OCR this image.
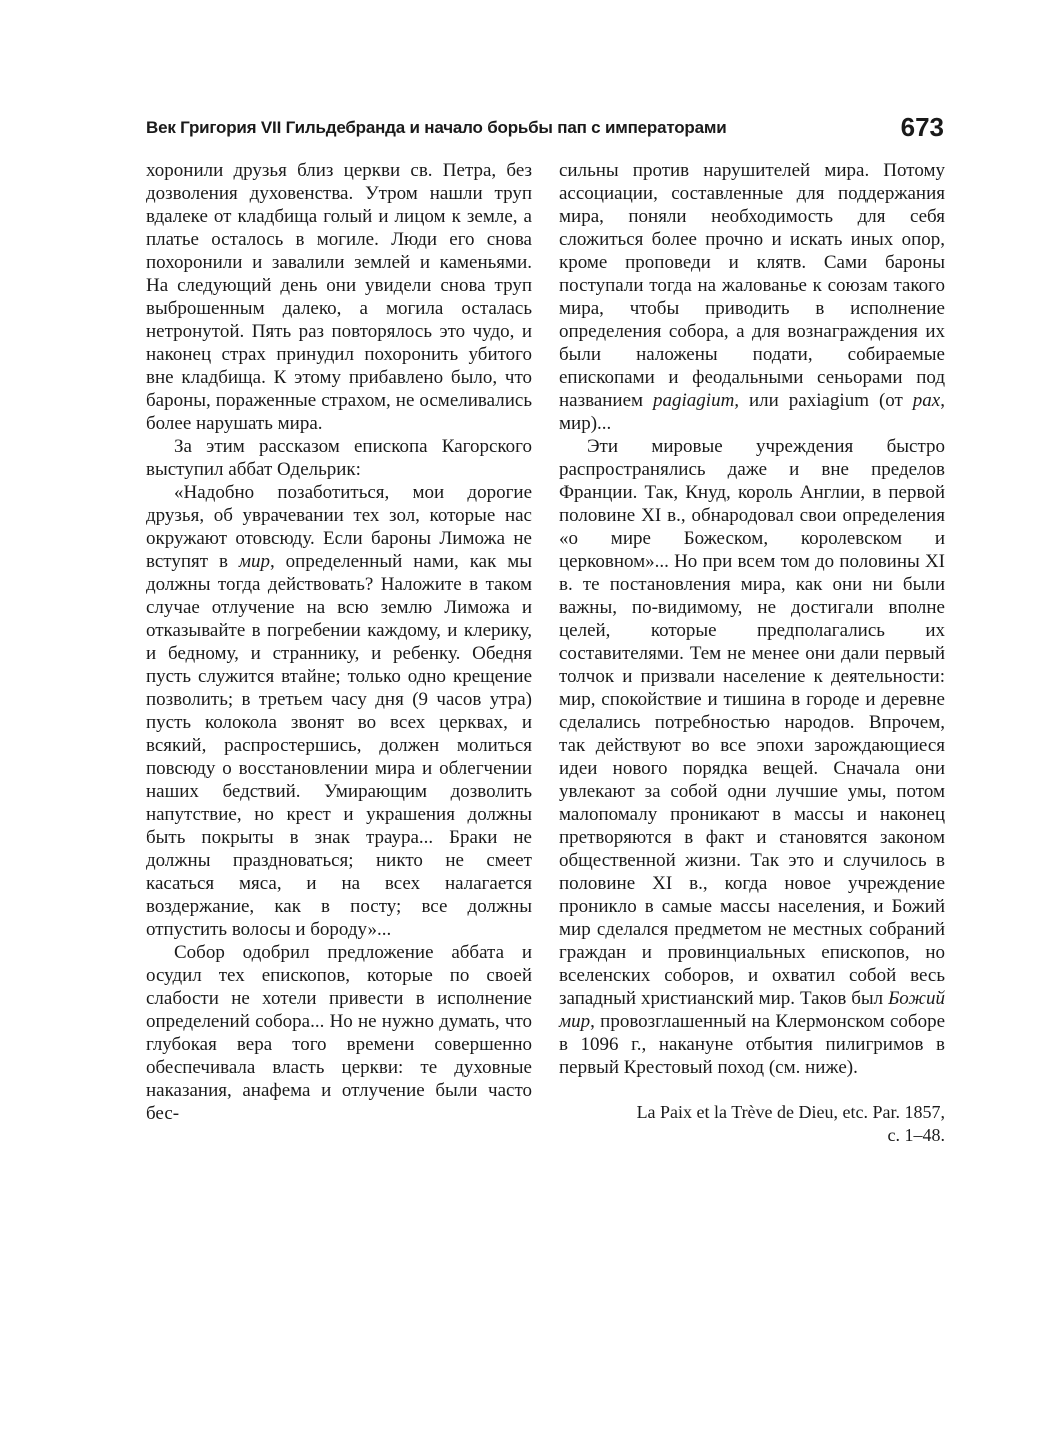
Век Григория VII Гильдебранда и начало борьбы пап с императорами	673

хоронили друзья близ церкви св. Петра, без дозволения духовенства. Утром нашли труп вдалеке от кладбища голый и лицом к земле, а платье осталось в могиле. Люди его снова похоронили и завалили землей и каменьями. На следующий день они увидели снова труп выброшенным далеко, а могила осталась нетронутой. Пять раз повторялось это чудо, и наконец страх принудил похоронить убитого вне кладбища. К этому прибавлено было, что бароны, пораженные страхом, не осмеливались более нарушать мира.

За этим рассказом епископа Кагорского выступил аббат Одельрик:

«Надобно позаботиться, мои дорогие друзья, об уврачевании тех зол, которые нас окружают отовсюду. Если бароны Лиможа не вступят в мир, определенный нами, как мы должны тогда действовать? Наложите в таком случае отлучение на всю землю Лиможа и отказывайте в погребении каждому, и клерику, и бедному, и страннику, и ребенку. Обедня пусть служится втайне; только одно крещение позволить; в третьем часу дня (9 часов утра) пусть колокола звонят во всех церквах, и всякий, распростершись, должен молиться повсюду о восстановлении мира и облегчении наших бедствий. Умирающим дозволить напутствие, но крест и украшения должны быть покрыты в знак траура... Браки не должны праздноваться; никто не смеет касаться мяса, и на всех налагается воздержание, как в посту; все должны отпустить волосы и бороду»...

Собор одобрил предложение аббата и осудил тех епископов, которые по своей слабости не хотели привести в исполнение определений собора... Но не нужно думать, что глубокая вера того времени совершенно обеспечивала власть церкви: те духовные наказания, анафема и отлучение были часто бес-

сильны против нарушителей мира. Потому ассоциации, составленные для поддержания мира, поняли необходимость для себя сложиться более прочно и искать иных опор, кроме проповеди и клятв. Сами бароны поступали тогда на жалованье к союзам такого мира, чтобы приводить в исполнение определения собора, а для вознаграждения их были наложены подати, собираемые епископами и феодальными сеньорами под названием pagiagium, или paxiagium (от pax, мир)...

Эти мировые учреждения быстро распространялись даже и вне пределов Франции. Так, Кнуд, король Англии, в первой половине XI в., обнародовал свои определения «о мире Божеском, королевском и церковном»... Но при всем том до половины XI в. те постановления мира, как они ни были важны, по-видимому, не достигали вполне целей, которые предполагались их составителями. Тем не менее они дали первый толчок и призвали население к деятельности: мир, спокойствие и тишина в городе и деревне сделались потребностью народов. Впрочем, так действуют во все эпохи зарождающиеся идеи нового порядка вещей. Сначала они увлекают за собой одни лучшие умы, потом малопомалу проникают в массы и наконец претворяются в факт и становятся законом общественной жизни. Так это и случилось в половине XI в., когда новое учреждение проникло в самые массы населения, и Божий мир сделался предметом не местных собраний граждан и провинциальных епископов, но вселенских соборов, и охватил собой весь западный христианский мир. Таков был Божий мир, провозглашенный на Клермонском соборе в 1096 г., накануне отбытия пилигримов в первый Крестовый поход (см. ниже).

La Paix et la Trève de Dieu, etc. Par. 1857,
с. 1–48.
